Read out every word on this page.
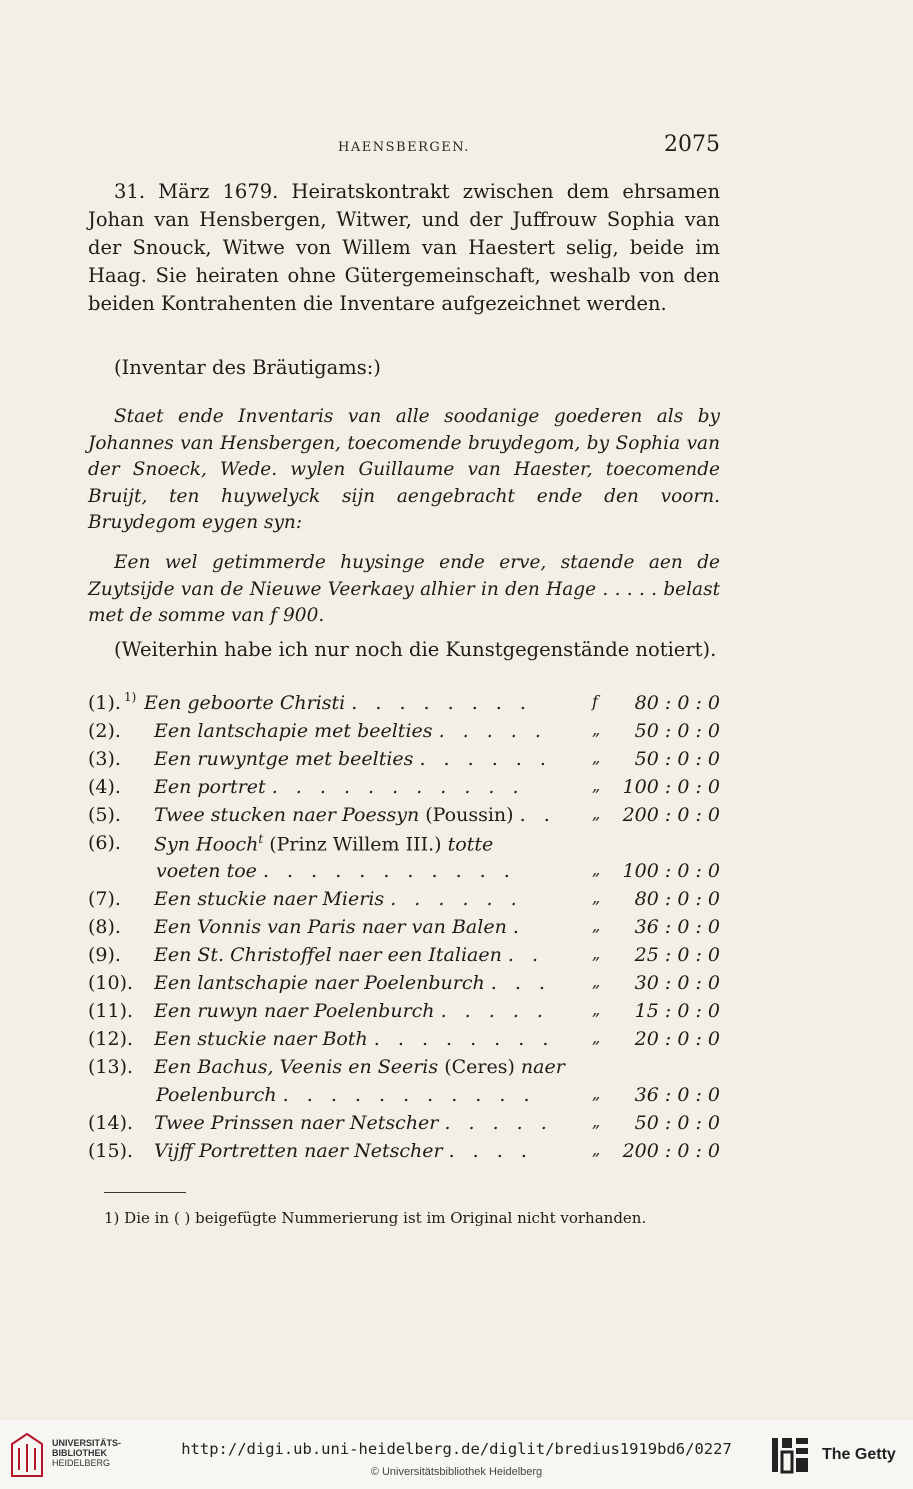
HAENSBERGEN.	2075
31. März 1679. Heiratskontrakt zwischen dem ehrsamen Johan van Hensbergen, Witwer, und der Juffrouw Sophia van der Snouck, Witwe von Willem van Haestert selig, beide im Haag. Sie heiraten ohne Gütergemeinschaft, weshalb von den beiden Kontrahenten die Inventare aufgezeichnet werden.
(Inventar des Bräutigams:)
Staet ende Inventaris van alle soodanige goederen als by Johannes van Hensbergen, toecomende bruydegom, by Sophia van der Snoeck, Wede. wylen Guillaume van Haester, toecomende Bruijt, ten huywelyck sijn aengebracht ende den voorn. Bruydegom eygen syn:
Een wel getimmerde huysinge ende erve, staende aen de Zuytsijde van de Nieuwe Veerkaey alhier in den Hage . . . . . belast met de somme van f 900.
(Weiterhin habe ich nur noch die Kunstgegenstände notiert).
(1). 1) Een geboorte Christi . . . . . . . .	f 80 : 0 : 0
(2). Een lantschapie met beelties . . . . .	„ 50 : 0 : 0
(3). Een ruwyntge met beelties . . . . . .	„ 50 : 0 : 0
(4). Een portret . . . . . . . . . . .	„ 100 : 0 : 0
(5). Twee stucken naer Poessyn (Poussin) . .	„ 200 : 0 : 0
(6). Syn Hooch$^t$ (Prinz Willem III.) totte
voeten toe . . . . . . . . . . .	„ 100 : 0 : 0
(7). Een stuckie naer Mieris . . . . . .	„ 80 : 0 : 0
(8). Een Vonnis van Paris naer van Balen .	„ 36 : 0 : 0
(9). Een St. Christoffel naer een Italiaen . .	„ 25 : 0 : 0
(10). Een lantschapie naer Poelenburch . . .	„ 30 : 0 : 0
(11). Een ruwyn naer Poelenburch . . . . .	„ 15 : 0 : 0
(12). Een stuckie naer Both . . . . . . . .	„ 20 : 0 : 0
(13). Een Bachus, Veenis en Seeris (Ceres) naer
Poelenburch . . . . . . . . . . .	„ 36 : 0 : 0
(14). Twee Prinssen naer Netscher . . . . .	„ 50 : 0 : 0
(15). Vijff Portretten naer Netscher . . . .	„ 200 : 0 : 0
1) Die in ( ) beigefügte Nummerierung ist im Original nicht vorhanden.
UNIVERSITÄTS-
BIBLIOTHEK
HEIDELBERG
http://digi.ub.uni-heidelberg.de/diglit/bredius1919bd6/0227
© Universitätsbibliothek Heidelberg
The Getty
